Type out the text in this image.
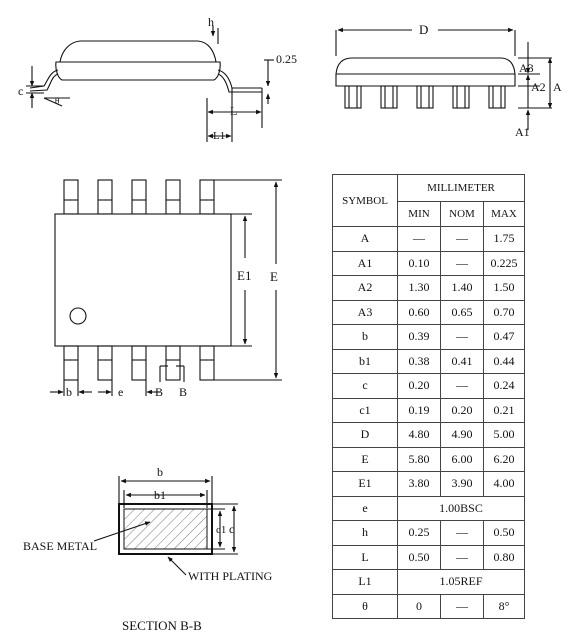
h
0.25
c
θ
L
L1
D
A3
A2 A
A1
E1 E
b	e	B B
b
b1
c1 c
BASE METAL
WITH PLATING
SECTION B-B
SYMBOL	MILLIMETER		
	MIN	NOM	MAX
A	—	—	1.75
A1	0.10	—	0.225
A2	1.30	1.40	1.50
A3	0.60	0.65	0.70
b	0.39	—	0.47
b1	0.38	0.41	0.44
c	0.20	—	0.24
c1	0.19	0.20	0.21
D	4.80	4.90	5.00
E	5.80	6.00	6.20
E1	3.80	3.90	4.00
e	1.00BSC		
h	0.25	—	0.50
L	0.50	—	0.80
L1	1.05REF		
θ	0	—	8°
